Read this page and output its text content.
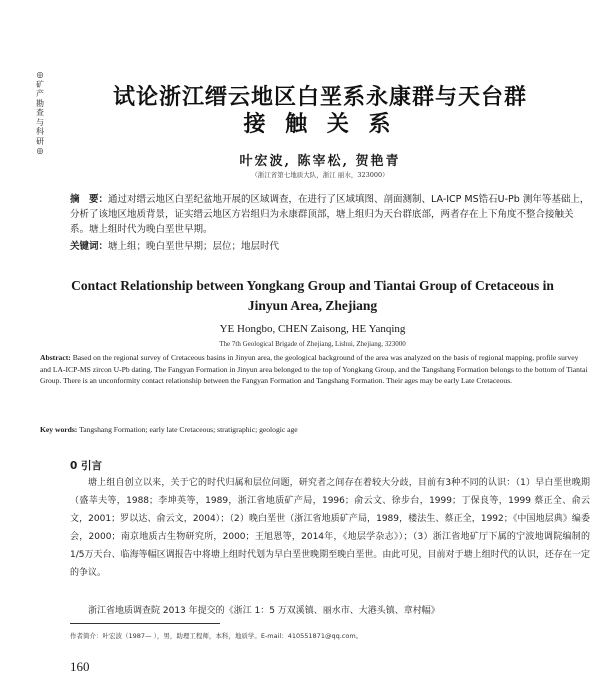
◎
矿
产
勘
查
与
科
研
◎
试论浙江缙云地区白垩系永康群与天台群
接 触 关 系
叶宏波, 陈宰松, 贺艳青
（浙江省第七地质大队，浙江 丽水，323000）
摘　要：通过对缙云地区白垩纪盆地开展的区域调查，在进行了区域填图、剖面测制、LA-ICP MS锆石U-Pb 测年等基础上，分析了该地区地质背景，证实缙云地区方岩组归为永康群顶部，塘上组归为天台群底部，两者存在上下角度不整合接触关系。塘上组时代为晚白垩世早期。
关键词：塘上组；晚白垩世早期；层位；地层时代
Contact Relationship between Yongkang Group and Tiantai Group of Cretaceous in
Jinyun Area, Zhejiang
YE Hongbo, CHEN Zaisong, HE Yanqing
The 7th Geological Brigade of Zhejiang, Lishui, Zhejiang, 323000
Abstract: Based on the regional survey of Cretaceous basins in Jinyun area, the geological background of the area was analyzed on the basis of regional mapping, profile survey and LA-ICP-MS zircon U-Pb dating. The Fangyan Formation in Jinyun area belonged to the top of Yongkang Group, and the Tangshang Formation belongs to the bottom of Tiantai Group. There is an unconformity contact relationship between the Fangyan Formation and Tangshang Formation. Their ages may be early Late Cretaceous.
Key words: Tangshang Formation; early late Cretaceous; stratigraphic; geologic age
0 引言
塘上组自创立以来，关于它的时代归属和层位问题，研究者之间存在着较大分歧，目前有3种不同的认识：（1）早白垩世晚期（盛莘夫等，1988；李坤英等，1989，浙江省地质矿产局，1996；俞云文、徐步台，1999；丁保良等，1999 蔡正全、俞云文，2001；罗以达、俞云文，2004）；（2）晚白垩世（浙江省地质矿产局，1989，楼法生、蔡正全，1992；《中国地层典》编委会，2000；南京地质古生物研究所，2000；王旭恩等，2014年，《地层学杂志》）；（3）浙江省地矿厅下属的宁波地调院编制的1/5万天台、临海等幅区调报告中将塘上组时代划为早白垩世晚期至晚白垩世。由此可见，目前对于塘上组时代的认识，还存在一定的争议。
浙江省地质调查院 2013 年提交的《浙江 1：5 万双溪镇、丽水市、大港头镇、章村幅》
作者简介：叶宏波（1987— ），男，助理工程师，本科，地质学。E-mail：410551871@qq.com。
160
